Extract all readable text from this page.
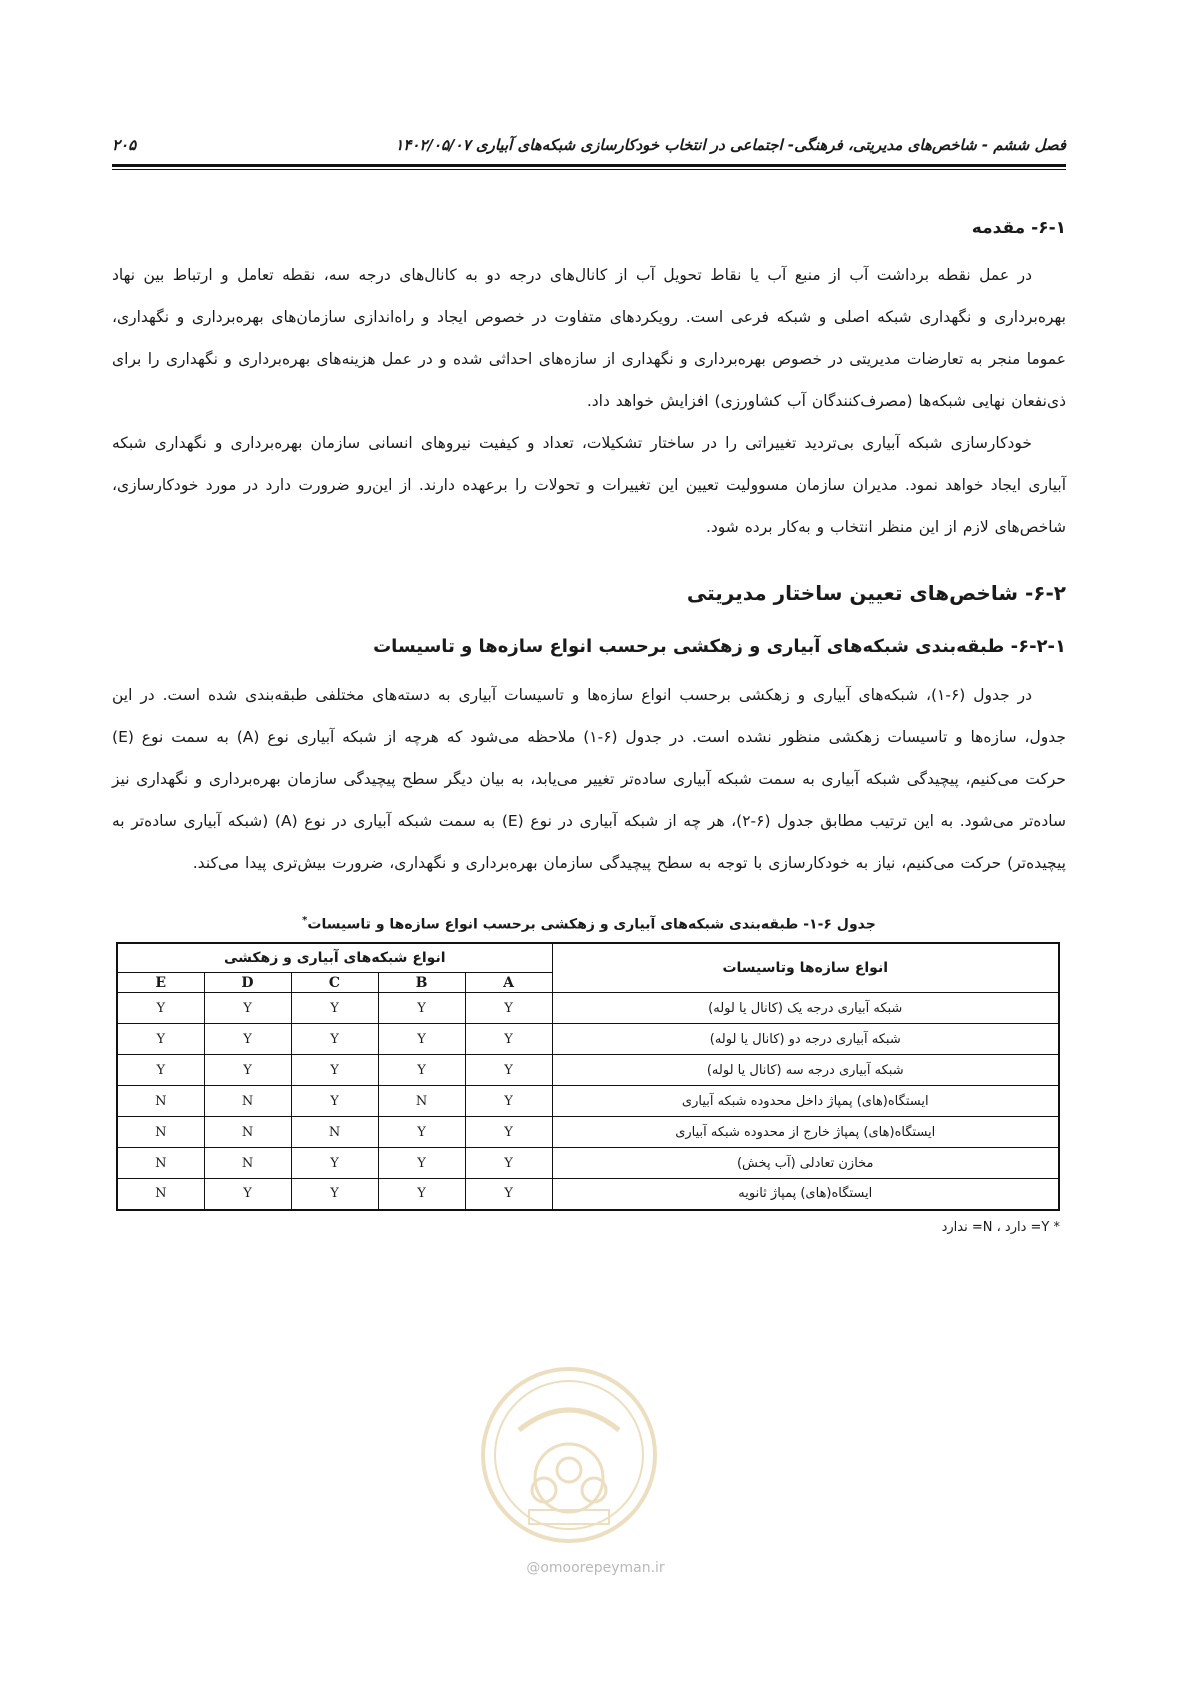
فصل ششم - شاخص‌های مدیریتی، فرهنگی- اجتماعی در انتخاب خودکارسازی شبکه‌های آبیاری ۱۴۰۲/۰۵/۰۷
۲۰۵
۶-۱- مقدمه

در عمل نقطه برداشت آب از منبع آب یا نقاط تحویل آب از کانال‌های درجه دو به کانال‌های درجه سه، نقطه تعامل و ارتباط بین نهاد بهره‌برداری و نگهداری شبکه اصلی و شبکه فرعی است. رویکردهای متفاوت در خصوص ایجاد و راه‌اندازی سازمان‌های بهره‌برداری و نگهداری، عموما منجر به تعارضات مدیریتی در خصوص بهره‌برداری و نگهداری از سازه‌های احداثی شده و در عمل هزینه‌های بهره‌برداری و نگهداری را برای ذی‌نفعان نهایی شبکه‌ها (مصرف‌کنندگان آب کشاورزی) افزایش خواهد داد.

خودکارسازی شبکه آبیاری بی‌تردید تغییراتی را در ساختار تشکیلات، تعداد و کیفیت نیروهای انسانی سازمان بهره‌برداری و نگهداری شبکه آبیاری ایجاد خواهد نمود. مدیران سازمان مسوولیت تعیین این تغییرات و تحولات را برعهده دارند. از این‌رو ضرورت دارد در مورد خودکارسازی، شاخص‌های لازم از این منظر انتخاب و به‌کار برده شود.

۶-۲- شاخص‌های تعیین ساختار مدیریتی
۶-۲-۱- طبقه‌بندی شبکه‌های آبیاری و زهکشی برحسب انواع سازه‌ها و تاسیسات

در جدول (۶-۱)، شبکه‌های آبیاری و زهکشی برحسب انواع سازه‌ها و تاسیسات آبیاری به دسته‌های مختلفی طبقه‌بندی شده است. در این جدول، سازه‌ها و تاسیسات زهکشی منظور نشده است. در جدول (۶-۱) ملاحظه می‌شود که هرچه از شبکه آبیاری نوع (A) به سمت نوع (E) حرکت می‌کنیم، پیچیدگی شبکه آبیاری به سمت شبکه آبیاری ساده‌تر تغییر می‌یابد، به بیان دیگر سطح پیچیدگی سازمان بهره‌برداری و نگهداری نیز ساده‌تر می‌شود. به این ترتیب مطابق جدول (۶-۲)، هر چه از شبکه آبیاری در نوع (E) به سمت شبکه آبیاری در نوع (A) (شبکه آبیاری ساده‌تر به پیچیده‌تر) حرکت می‌کنیم، نیاز به خودکارسازی با توجه به سطح پیچیدگی سازمان بهره‌برداری و نگهداری، ضرورت بیش‌تری پیدا می‌کند.

جدول ۶-۱- طبقه‌بندی شبکه‌های آبیاری و زهکشی برحسب انواع سازه‌ها و تاسیسات*
انواع سازه‌ها وتاسیسات	انواع شبکه‌های آبیاری و زهکشی				
	A	B	C	D	E
شبکه آبیاری درجه یک (کانال یا لوله)	Y	Y	Y	Y	Y
شبکه آبیاری درجه دو (کانال یا لوله)	Y	Y	Y	Y	Y
شبکه آبیاری درجه سه (کانال یا لوله)	Y	Y	Y	Y	Y
ایستگاه(های) پمپاژ داخل محدوده شبکه آبیاری	Y	N	Y	N	N
ایستگاه(های) پمپاژ خارج از محدوده شبکه آبیاری	Y	Y	N	N	N
مخازن تعادلی (آب پخش)	Y	Y	Y	N	N
ایستگاه(های) پمپاژ ثانویه	Y	Y	Y	Y	N
* Y= دارد ، N= ندارد
@omoorepeyman.ir
